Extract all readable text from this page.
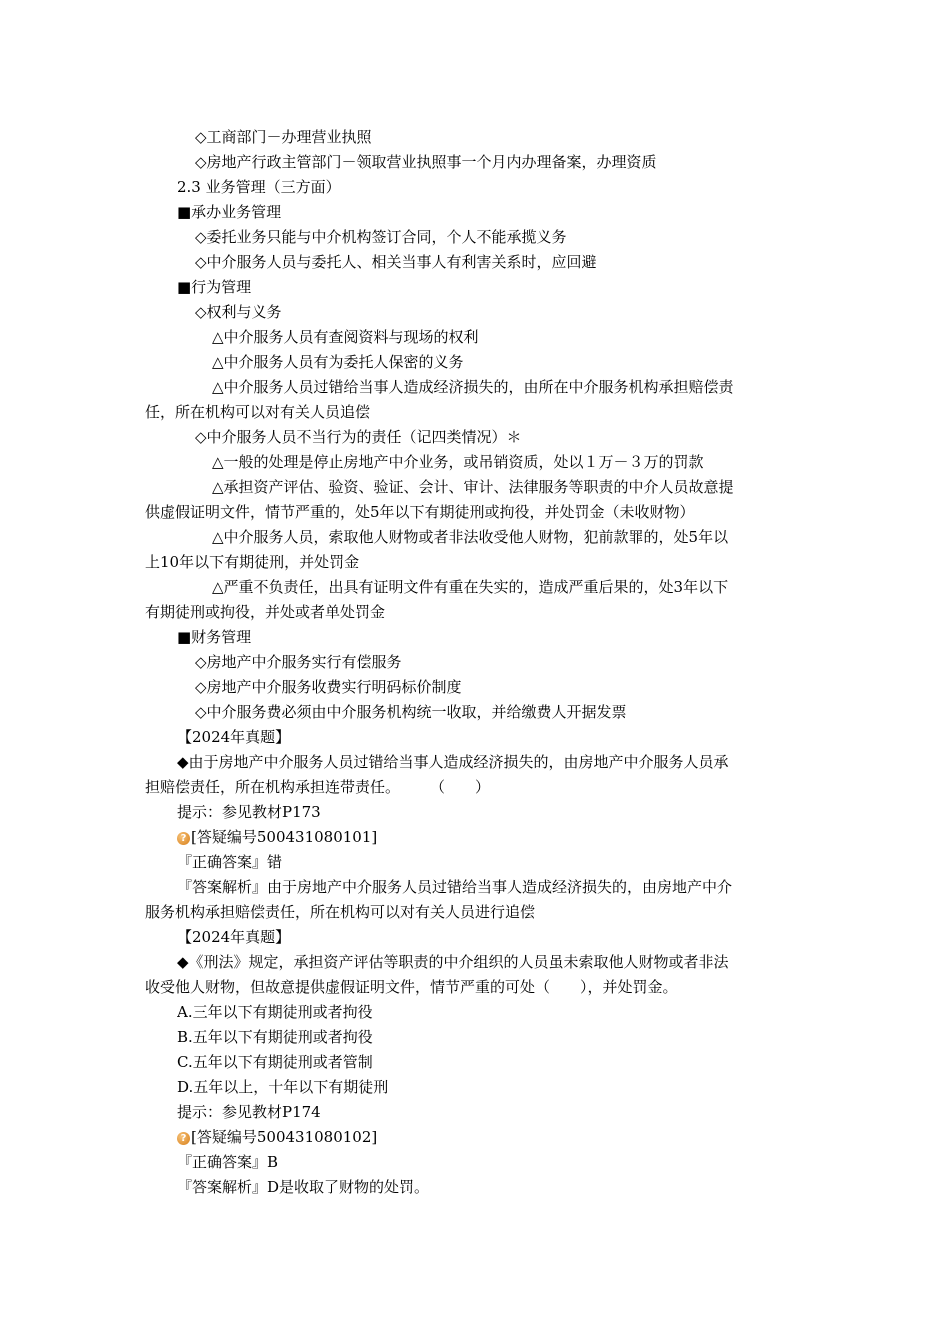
◇工商部门－办理营业执照
◇房地产行政主管部门－领取营业执照事一个月内办理备案，办理资质
2.3 业务管理（三方面）
■承办业务管理
◇委托业务只能与中介机构签订合同，个人不能承揽义务
◇中介服务人员与委托人、相关当事人有利害关系时，应回避
■行为管理
◇权利与义务
△中介服务人员有查阅资料与现场的权利
△中介服务人员有为委托人保密的义务
△中介服务人员过错给当事人造成经济损失的，由所在中介服务机构承担赔偿责
任，所在机构可以对有关人员追偿
◇中介服务人员不当行为的责任（记四类情况）＊
△一般的处理是停止房地产中介业务，或吊销资质，处以１万－３万的罚款
△承担资产评估、验资、验证、会计、审计、法律服务等职责的中介人员故意提
供虚假证明文件，情节严重的，处5年以下有期徒刑或拘役，并处罚金（未收财物）
△中介服务人员，索取他人财物或者非法收受他人财物，犯前款罪的，处5年以
上10年以下有期徒刑，并处罚金
△严重不负责任，出具有证明文件有重在失实的，造成严重后果的，处3年以下
有期徒刑或拘役，并处或者单处罚金
■财务管理
◇房地产中介服务实行有偿服务
◇房地产中介服务收费实行明码标价制度
◇中介服务费必须由中介服务机构统一收取，并给缴费人开据发票
【2024年真题】
◆由于房地产中介服务人员过错给当事人造成经济损失的，由房地产中介服务人员承
担赔偿责任，所在机构承担连带责任。　　　（　　）
提示：参见教材P173
? [答疑编号500431080101]
『正确答案』错
『答案解析』由于房地产中介服务人员过错给当事人造成经济损失的，由房地产中介
服务机构承担赔偿责任，所在机构可以对有关人员进行追偿
【2024年真题】
◆《刑法》规定，承担资产评估等职责的中介组织的人员虽未索取他人财物或者非法
收受他人财物，但故意提供虚假证明文件，情节严重的可处（　　），并处罚金。
A.三年以下有期徒刑或者拘役
B.五年以下有期徒刑或者拘役
C.五年以下有期徒刑或者管制
D.五年以上，十年以下有期徒刑
提示：参见教材P174
? [答疑编号500431080102]
『正确答案』B
『答案解析』D是收取了财物的处罚。
